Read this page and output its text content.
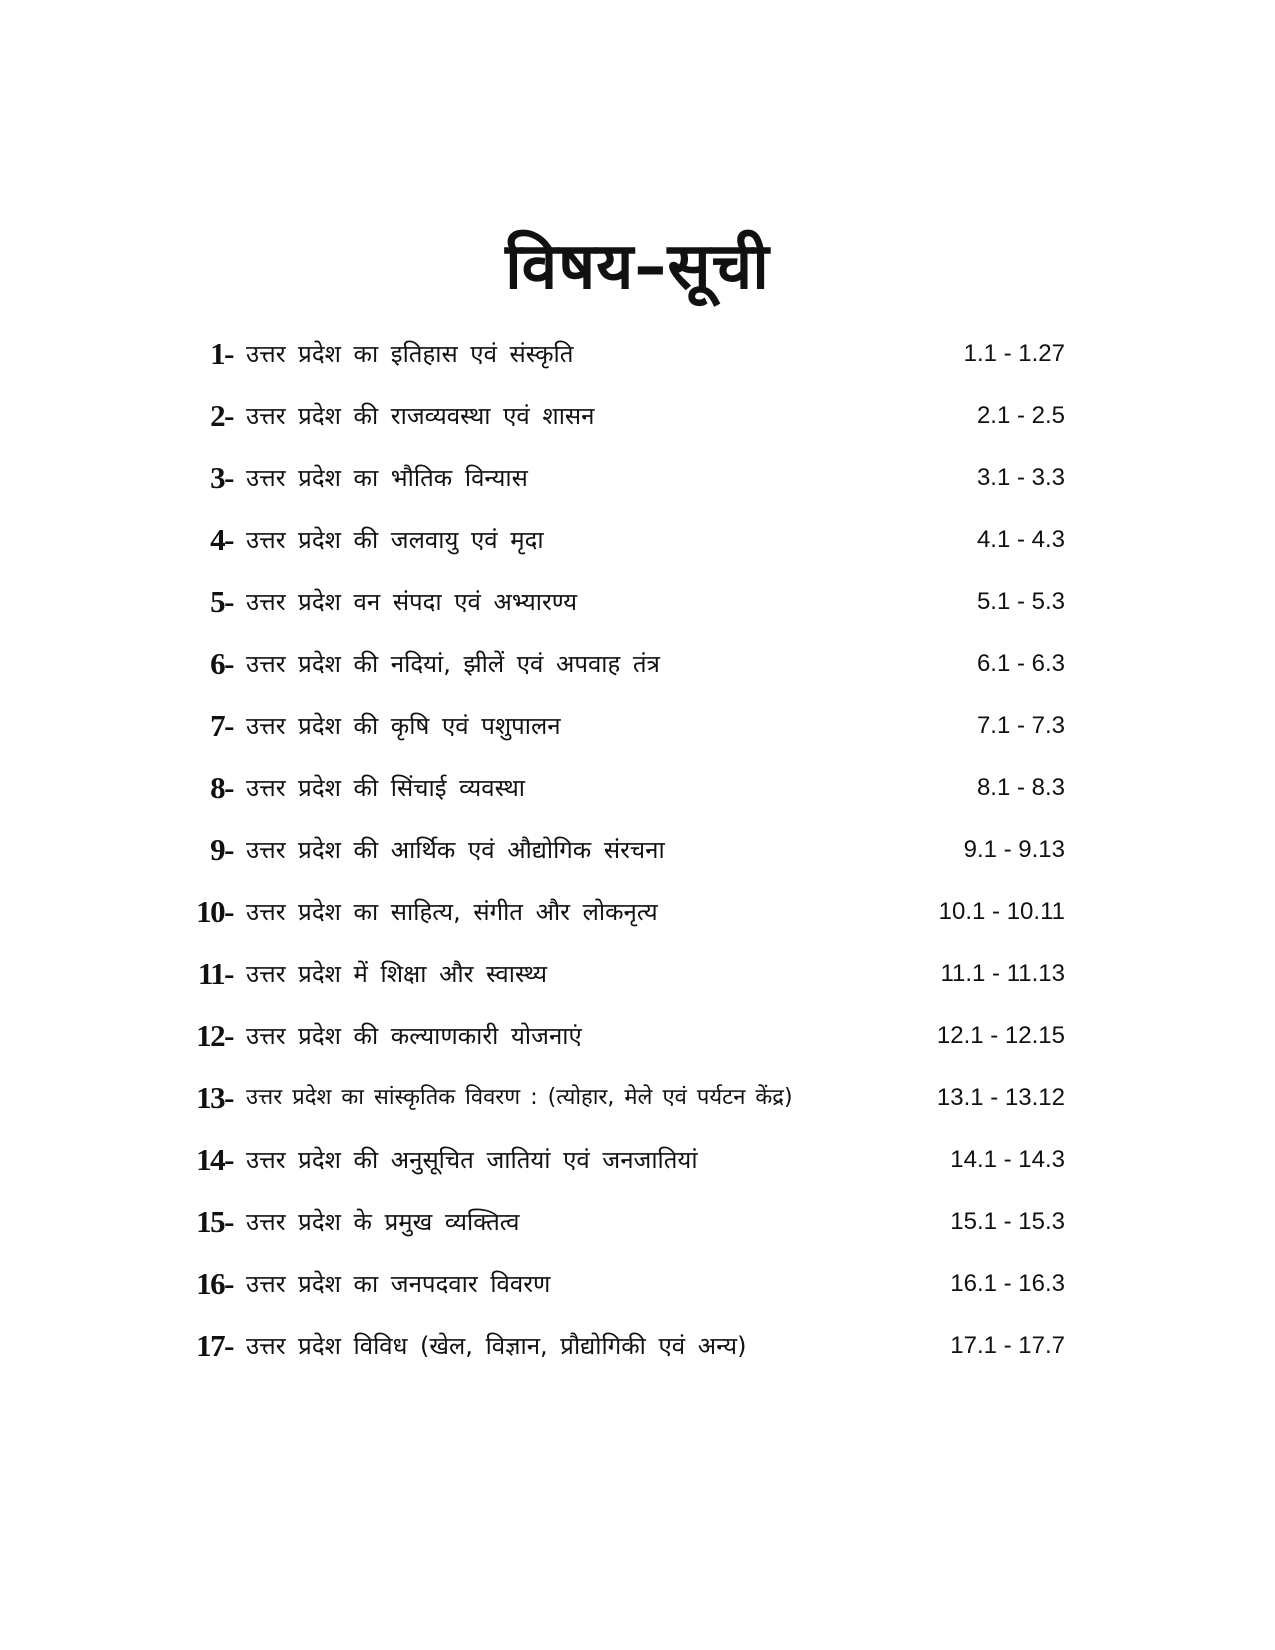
विषय–सूची
1- उत्तर प्रदेश का इतिहास एवं संस्कृति	1.1 - 1.27
2- उत्तर प्रदेश की राजव्यवस्था एवं शासन	2.1 - 2.5
3- उत्तर प्रदेश का भौतिक विन्यास	3.1 - 3.3
4- उत्तर प्रदेश की जलवायु एवं मृदा	4.1 - 4.3
5- उत्तर प्रदेश वन संपदा एवं अभ्यारण्य	5.1 - 5.3
6- उत्तर प्रदेश की नदियां, झीलें एवं अपवाह तंत्र	6.1 - 6.3
7- उत्तर प्रदेश की कृषि एवं पशुपालन	7.1 - 7.3
8- उत्तर प्रदेश की सिंचाई व्यवस्था	8.1 - 8.3
9- उत्तर प्रदेश की आर्थिक एवं औद्योगिक संरचना	9.1 - 9.13
10- उत्तर प्रदेश का साहित्य, संगीत और लोकनृत्य	10.1 - 10.11
11- उत्तर प्रदेश में शिक्षा और स्वास्थ्य	11.1 - 11.13
12- उत्तर प्रदेश की कल्याणकारी योजनाएं	12.1 - 12.15
13- उत्तर प्रदेश का सांस्कृतिक विवरण : (त्योहार, मेले एवं पर्यटन केंद्र)	13.1 - 13.12
14- उत्तर प्रदेश की अनुसूचित जातियां एवं जनजातियां	14.1 - 14.3
15- उत्तर प्रदेश के प्रमुख व्यक्तित्व	15.1 - 15.3
16- उत्तर प्रदेश का जनपदवार विवरण	16.1 - 16.3
17- उत्तर प्रदेश विविध (खेल, विज्ञान, प्रौद्योगिकी एवं अन्य)	17.1 - 17.7
